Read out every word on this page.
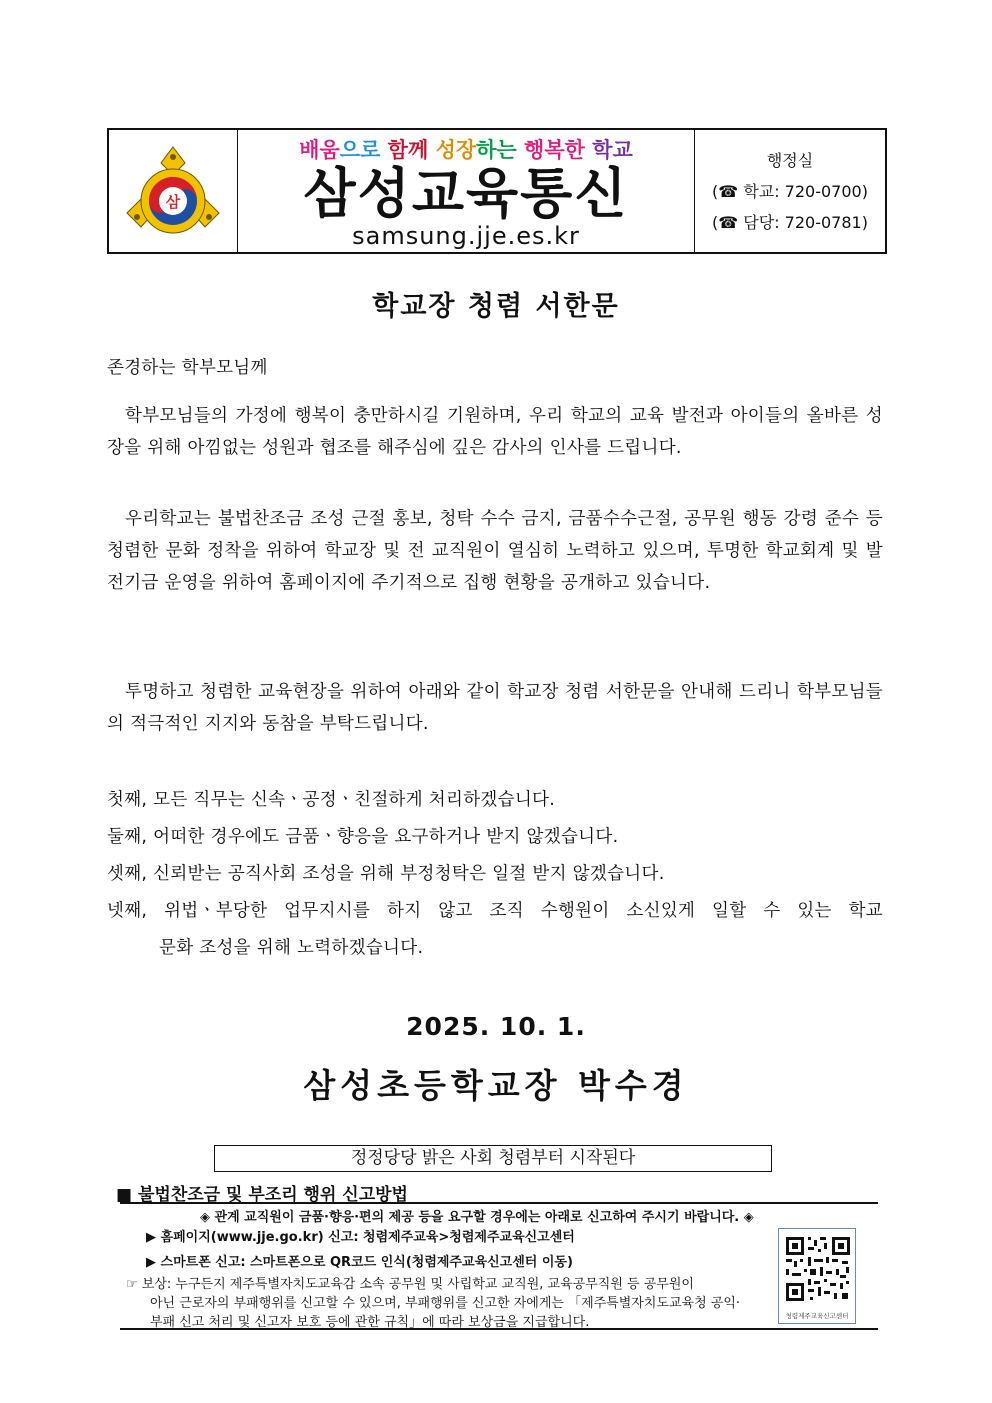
삼
배움으로 함께 성장하는 행복한 학교
삼성교육통신
samsung.jje.es.kr
행정실
(☎ 학교: 720-0700)
(☎ 담당: 720-0781)
학교장 청렴 서한문
존경하는 학부모님께

학부모님들의 가정에 행복이 충만하시길 기원하며, 우리 학교의 교육 발전과 아이들의 올바른 성장을 위해 아낌없는 성원과 협조를 해주심에 깊은 감사의 인사를 드립니다.

우리학교는 불법찬조금 조성 근절 홍보, 청탁 수수 금지, 금품수수근절, 공무원 행동 강령 준수 등 청렴한 문화 정착을 위하여 학교장 및 전 교직원이 열심히 노력하고 있으며, 투명한 학교회계 및 발전기금 운영을 위하여 홈페이지에 주기적으로 집행 현황을 공개하고 있습니다.

투명하고 청렴한 교육현장을 위하여 아래와 같이 학교장 청렴 서한문을 안내해 드리니 학부모님들의 적극적인 지지와 동참을 부탁드립니다.

첫째, 모든 직무는 신속ㆍ공정ㆍ친절하게 처리하겠습니다.
둘째, 어떠한 경우에도 금품ㆍ향응을 요구하거나 받지 않겠습니다.
셋째, 신뢰받는 공직사회 조성을 위해 부정청탁은 일절 받지 않겠습니다.
넷째, 위법ㆍ부당한 업무지시를 하지 않고 조직 수행원이 소신있게 일할 수 있는 학교
문화 조성을 위해 노력하겠습니다.
2025. 10. 1.
삼성초등학교장 박수경
정정당당 밝은 사회 청렴부터 시작된다
■ 불법찬조금 및 부조리 행위 신고방법
◈ 관계 교직원이 금품·향응·편의 제공 등을 요구할 경우에는 아래로 신고하여 주시기 바랍니다. ◈
▶ 홈페이지(www.jje.go.kr) 신고: 청렴제주교육>청렴제주교육신고센터
▶ 스마트폰 신고: 스마트폰으로 QR코드 인식(청렴제주교육신고센터 이동)
☞ 보상: 누구든지 제주특별자치도교육감 소속 공무원 및 사립학교 교직원, 교육공무직원 등 공무원이
아닌 근로자의 부패행위를 신고할 수 있으며, 부패행위를 신고한 자에게는 「제주특별자치도교육청 공익·
부패 신고 처리 및 신고자 보호 등에 관한 규칙」에 따라 보상금을 지급합니다.	청렴제주교육신고센터
